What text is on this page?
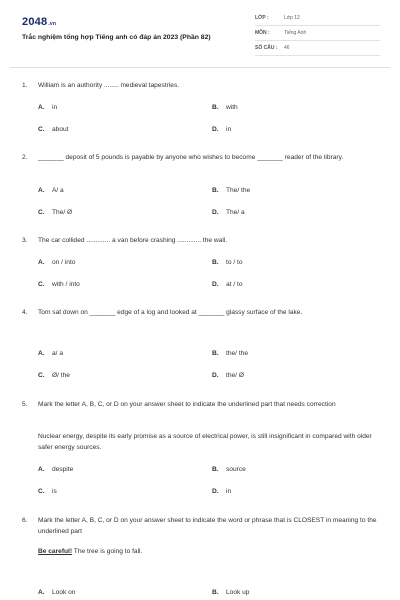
2048.vn
Trắc nghiệm tổng hợp Tiếng anh có đáp án 2023 (Phần 82)
LỚP :	Lớp 12
MÔN :	Tiếng Anh
SỐ CÂU : 46
1. William is an authority ........ medieval tapestries.
A. in	B. with
C. about	D. in
2. _______ deposit of 5 pounds is payable by anyone who wishes to become _______ reader of the library.
A. A/ a	B. The/ the
C. The/ Ø	D. The/ a
3. The car collided ............. a van before crashing ............. the wall.
A. on / into	B. to / to
C. with / into	D. at / to
4. Tom sat down on _______ edge of a log and looked at _______ glassy surface of the lake.
A. a/ a	B. the/ the
C. Ø/ the	D. the/ Ø
5. Mark the letter A, B, C, or D on your answer sheet to indicate the underlined part that needs correction
Nuclear energy, despite its early promise as a source of electrical power, is still insignificant in compared with older safer energy sources.
A. despite	B. source
C. is	D. in
6. Mark the letter A, B, C, or D on your answer sheet to indicate the word or phrase that is CLOSEST in meaning to the underlined part
Be careful! The tree is going to fall.
A. Look on	B. Look up
